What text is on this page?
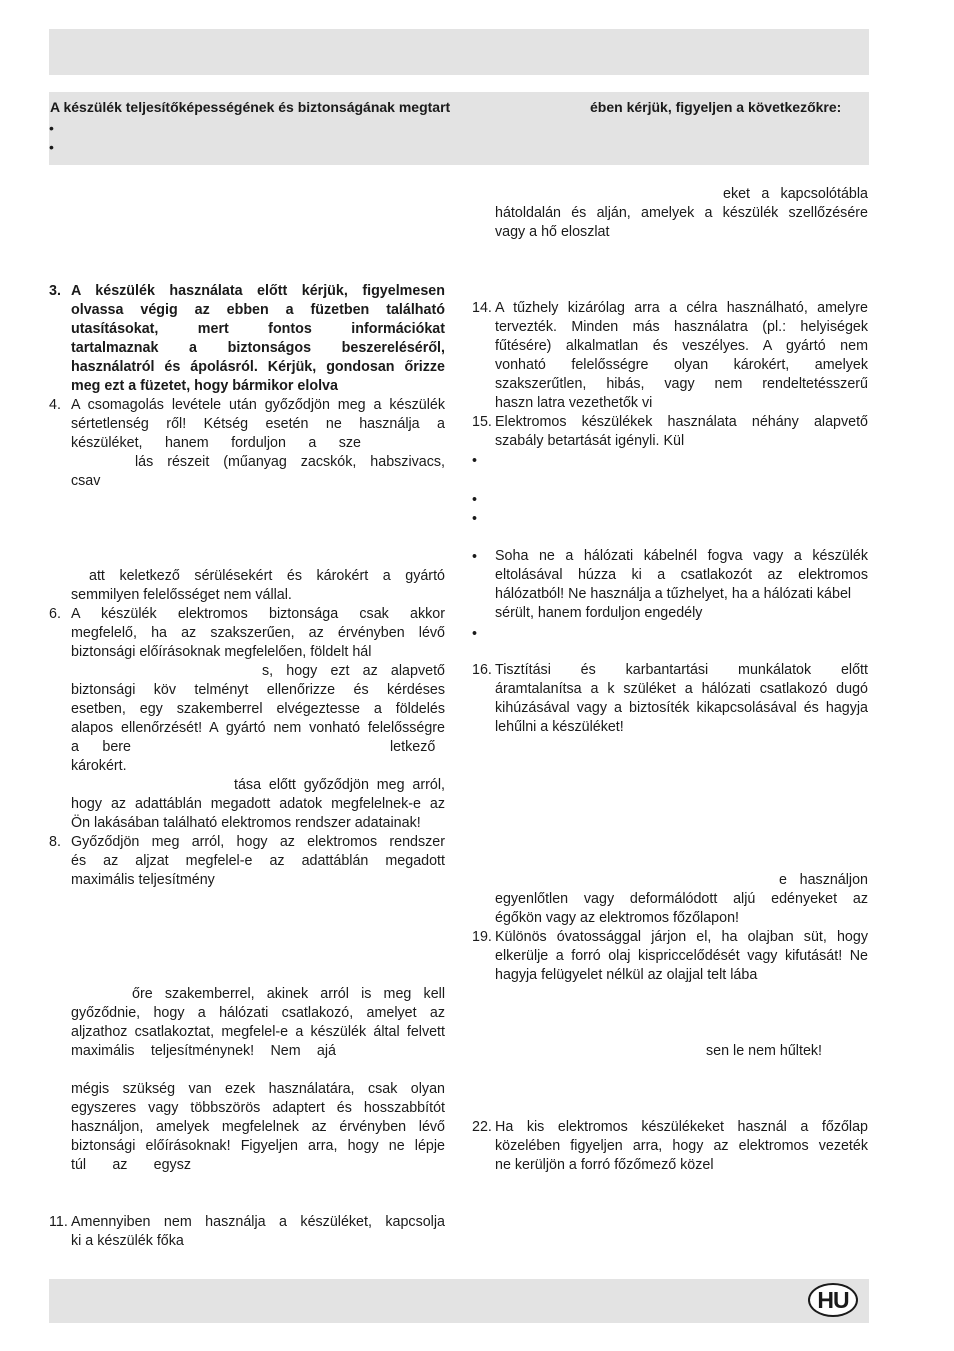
A készülék teljesítőképességének és biztonságának megtart	ében kérjük, figyeljen a következőkre:
•
•
3. A készülék használata előtt kérjük, figyelmesen
olvassa végig az ebben a füzetben található
utasításokat, mert fontos információkat
tartalmaznak a biztonságos beszereléséről,
használatról és ápolásról. Kérjük, gondosan őrizze
meg ezt a füzetet, hogy bármikor elolva
4. A csomagolás levétele után győződjön meg a készülék
sértetlenség ről! Kétség esetén ne használja a
készüléket, hanem forduljon a sze
lás részeit (műanyag zacskók, habszivacs,
csav
att keletkező sérülésekért és károkért a gyártó
semmilyen felelősséget nem vállal.
6. A készülék elektromos biztonsága csak akkor
megfelelő, ha az szakszerűen, az érvényben lévő
biztonsági előírásoknak megfelelően, földelt hál
s, hogy ezt az alapvető
biztonsági köv telményt ellenőrizze és kérdéses
esetben, egy szakemberrel elvégeztesse a földelés
alapos ellenőrzését! A gyártó nem vonható felelősségre
a bere	letkező
károkért.
tása előtt győződjön meg arról,
hogy az adattáblán megadott adatok megfelelnek-e az
Ön lakásában található elektromos rendszer adatainak!
8. Győződjön meg arról, hogy az elektromos rendszer
és az aljzat megfelel-e az adattáblán megadott
maximális teljesítmény
őre szakemberrel, akinek arról is meg kell
győződnie, hogy a hálózati csatlakozó, amelyet az
aljzathoz csatlakoztat, megfelel-e a készülék által felvett
maximális teljesítménynek! Nem ajá
mégis szükség van ezek használatára, csak olyan
egyszeres vagy többszörös adaptert és hosszabbítót
használjon, amelyek megfelelnek az érvényben lévő
biztonsági előírásoknak! Figyeljen arra, hogy ne lépje
túl az egysz
11. Amennyiben nem használja a készüléket, kapcsolja
ki a készülék főka
eket a kapcsolótábla
hátoldalán és alján, amelyek a készülék szellőzésére
vagy a hő eloszlat
14. A tűzhely kizárólag arra a célra használható, amelyre
tervezték. Minden más használatra (pl.: helyiségek
fűtésére) alkalmatlan és veszélyes. A gyártó nem
vonható felelősségre olyan károkért, amelyek
szakszerűtlen, hibás, vagy nem rendeltetésszerű
haszn latra vezethetők vi
15. Elektromos készülékek használata néhány alapvető
szabály betartását igényli. Kül
Soha ne a hálózati kábelnél fogva vagy a készülék
eltolásával húzza ki a csatlakozót az elektromos
hálózatból! Ne használja a tűzhelyet, ha a hálózati kábel
sérült, hanem forduljon engedély
16. Tisztítási és karbantartási munkálatok előtt
áramtalanítsa a k szüléket a hálózati csatlakozó dugó
kihúzásával vagy a biztosíték kikapcsolásával és hagyja
lehűlni a készüléket!
e használjon
egyenlőtlen vagy deformálódott aljú edényeket az
égőkön vagy az elektromos főzőlapon!
19. Különös óvatossággal járjon el, ha olajban süt, hogy
elkerülje a forró olaj kispriccelődését vagy kifutását! Ne
hagyja felügyelet nélkül az olajjal telt lába
sen le nem hűltek!
22. Ha kis elektromos készülékeket használ a főzőlap
közelében figyeljen arra, hogy az elektromos vezeték
ne kerüljön a forró főzőmező közel
•
•
•
•
•
HU
